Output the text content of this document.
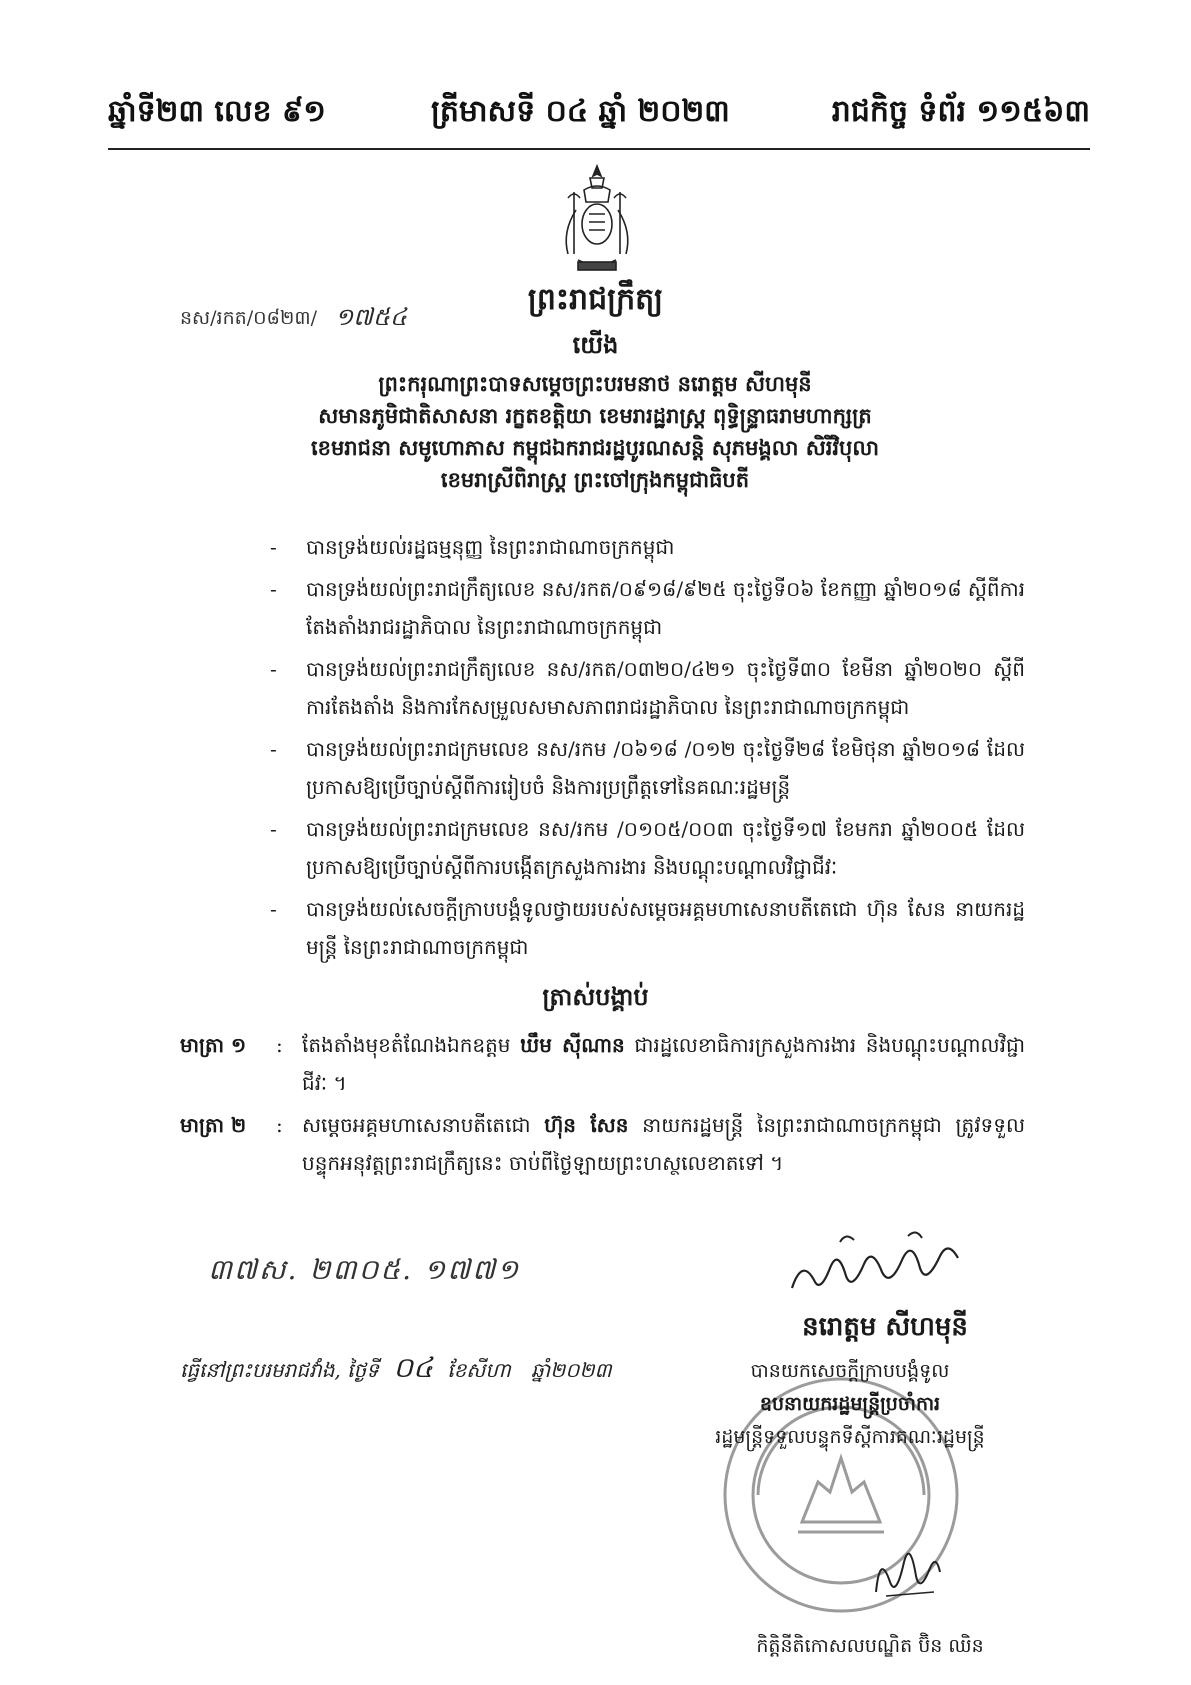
ឆ្នាំទី២៣ លេខ ៩១	ត្រីមាសទី ០៤ ឆ្នាំ ២០២៣	រាជកិច្ច ទំព័រ ១១៥៦៣
ព្រះរាជក្រឹត្យ
នស/រកត/០៨២៣/ ១៧៥៤
យើង
ព្រះករុណាព្រះបាទសម្ដេចព្រះបរមនាថ នរោត្ដម សីហមុនី
សមានភូមិជាតិសាសនា រក្ខតខត្តិយា ខេមរារដ្ឋរាស្ត្រ ពុទ្ធិន្ទ្រាធរាមហាក្សត្រ
ខេមរាជនា សមូហោភាស កម្ពុជឯករាជរដ្ឋបូរណសន្តិ សុភមង្គលា សិរីវិបុលា
ខេមរាស្រីពិរាស្ត្រ ព្រះចៅក្រុងកម្ពុជាធិបតី
- បានទ្រង់យល់រដ្ឋធម្មនុញ្ញ នៃព្រះរាជាណាចក្រកម្ពុជា
- បានទ្រង់យល់ព្រះរាជក្រឹត្យលេខ នស/រកត/០៩១៨/៩២៥ ចុះថ្ងៃទី០៦ ខែកញ្ញា ឆ្នាំ២០១៨ ស្តីពីការតែងតាំងរាជរដ្ឋាភិបាល នៃព្រះរាជាណាចក្រកម្ពុជា
- បានទ្រង់យល់ព្រះរាជក្រឹត្យលេខ នស/រកត/០៣២០/៤២១ ចុះថ្ងៃទី៣០ ខែមីនា ឆ្នាំ២០២០ ស្តីពីការតែងតាំង និងការកែសម្រួលសមាសភាពរាជរដ្ឋាភិបាល នៃព្រះរាជាណាចក្រកម្ពុជា
- បានទ្រង់យល់ព្រះរាជក្រមលេខ នស/រកម /០៦១៨ /០១២ ចុះថ្ងៃទី២៨ ខែមិថុនា ឆ្នាំ២០១៨ ដែលប្រកាសឱ្យប្រើច្បាប់ស្តីពីការរៀបចំ និងការប្រព្រឹត្តទៅនៃគណៈរដ្ឋមន្ត្រី
- បានទ្រង់យល់ព្រះរាជក្រមលេខ នស/រកម /០១០៥/០០៣ ចុះថ្ងៃទី១៧ ខែមករា ឆ្នាំ២០០៥ ដែលប្រកាសឱ្យប្រើច្បាប់ស្តីពីការបង្កើតក្រសួងការងារ និងបណ្តុះបណ្តាលវិជ្ជាជីវៈ
- បានទ្រង់យល់សេចក្តីក្រាបបង្គំទូលថ្វាយរបស់សម្តេចអគ្គមហាសេនាបតីតេជោ ហ៊ុន សែន នាយករដ្ឋមន្ត្រី នៃព្រះរាជាណាចក្រកម្ពុជា
ត្រាស់បង្គាប់
មាត្រា ១ : តែងតាំងមុខតំណែងឯកឧត្តម ឃឹម ស៊ីណាន ជារដ្ឋលេខាធិការក្រសួងការងារ និងបណ្តុះបណ្តាលវិជ្ជាជីវៈ ។
មាត្រា ២ : សម្តេចអគ្គមហាសេនាបតីតេជោ ហ៊ុន សែន នាយករដ្ឋមន្ត្រី នៃព្រះរាជាណាចក្រកម្ពុជា ត្រូវទទួលបន្ទុកអនុវត្តព្រះរាជក្រឹត្យនេះ ចាប់ពីថ្ងៃឡាយព្រះហស្ថលេខាតទៅ ។
៣៧ស. ២៣០៥. ១៧៧១
ធ្វើនៅព្រះបរមរាជវាំង, ថ្ងៃទី ០៤ ខែសីហា ឆ្នាំ២០២៣
នរោត្ដម សីហមុនី
បានយកសេចក្តីក្រាបបង្គំទូល
ឧបនាយករដ្ឋមន្ត្រីប្រចាំការ
រដ្ឋមន្ត្រីទទួលបន្ទុកទីស្តីការគណៈរដ្ឋមន្ត្រី
កិត្តិនីតិកោសលបណ្ឌិត ប៊ិន ឈិន
